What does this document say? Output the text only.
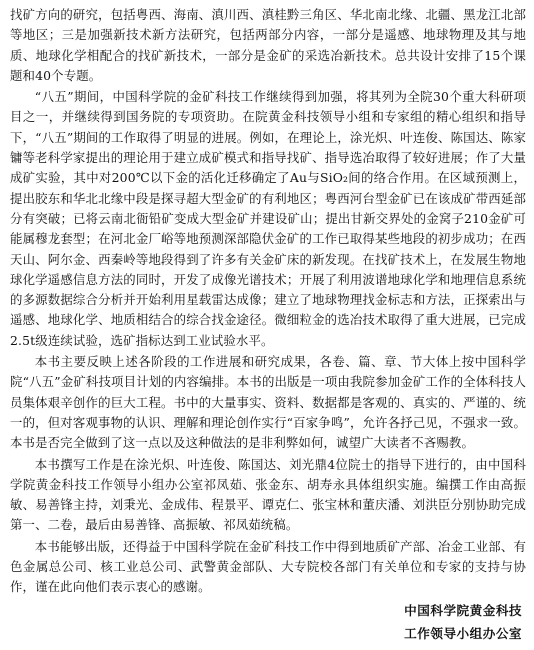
找矿方向的研究，包括粤西、海南、滇川西、滇桂黔三角区、华北南北缘、北疆、黑龙江北部等地区；三是加强新技术新方法研究，包括两部分内容，一部分是遥感、地球物理及其与地质、地球化学相配合的找矿新技术，一部分是金矿的采选冶新技术。总共设计安排了15个课题和40个专题。

“八五”期间，中国科学院的金矿科技工作继续得到加强，将其列为全院30个重大科研项目之一，并继续得到国务院的专项资助。在院黄金科技领导小组和专家组的精心组织和指导下，“八五”期间的工作取得了明显的进展。例如，在理论上，涂光炽、叶连俊、陈国达、陈家镛等老科学家提出的理论用于建立成矿模式和指导找矿、指导选冶取得了较好进展；作了大量成矿实验，其中对200℃以下金的活化迁移确定了Au与SiO₂间的络合作用。在区域预测上，提出胶东和华北北缘中段是探寻超大型金矿的有利地区；粤西河台型金矿已在该成矿带西延部分有突破；已将云南北衙铅矿变成大型金矿并建设矿山；提出甘新交界处的金窝子210金矿可能属穆龙套型；在河北金厂峪等地预测深部隐伏金矿的工作已取得某些地段的初步成功；在西天山、阿尔金、西秦岭等地段得到了许多有关金矿床的新发现。在找矿技术上，在发展生物地球化学遥感信息方法的同时，开发了成像光谱技术；开展了利用波谱地球化学和地理信息系统的多源数据综合分析并开始利用星载雷达成像；建立了地球物理找金标志和方法，正探索出与遥感、地球化学、地质相结合的综合找金途径。微细粒金的选冶技术取得了重大进展，已完成2.5t级连续试验，选矿指标达到工业试验水平。

本书主要反映上述各阶段的工作进展和研究成果，各卷、篇、章、节大体上按中国科学院“八五”金矿科技项目计划的内容编排。本书的出版是一项由我院参加金矿工作的全体科技人员集体艰辛创作的巨大工程。书中的大量事实、资料、数据都是客观的、真实的、严谨的、统一的，但对客观事物的认识、理解和理论创作实行“百家争鸣”，允许各抒己见，不强求一致。本书是否完全做到了这一点以及这种做法的是非利弊如何，诚望广大读者不吝赐教。

本书撰写工作是在涂光炽、叶连俊、陈国达、刘光鼎4位院士的指导下进行的，由中国科学院黄金科技工作领导小组办公室祁凤茹、张金东、胡寿永具体组织实施。编撰工作由高振敏、易善锋主持，刘秉光、金成伟、程景平、谭克仁、张宝林和董庆潘、刘洪臣分别协助完成第一、二卷，最后由易善锋、高振敏、祁凤茹统稿。

本书能够出版，还得益于中国科学院在金矿科技工作中得到地质矿产部、冶金工业部、有色金属总公司、核工业总公司、武警黄金部队、大专院校各部门有关单位和专家的支持与协作，谨在此向他们表示衷心的感谢。

中国科学院黄金科技
工作领导小组办公室
